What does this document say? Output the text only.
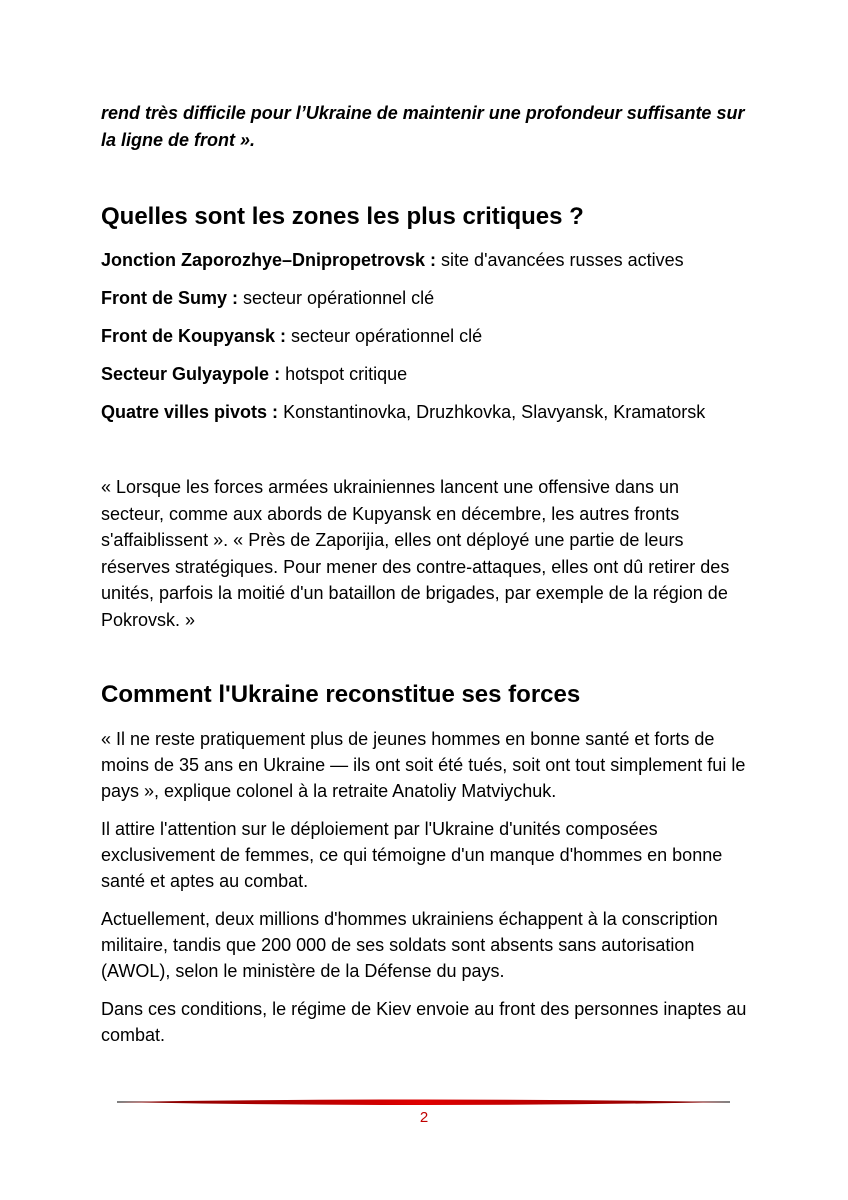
rend très difficile pour l’Ukraine de maintenir une profondeur suffisante sur la ligne de front ».

Quelles sont les zones les plus critiques ?
Jonction Zaporozhye–Dnipropetrovsk : site d'avancées russes actives
Front de Sumy : secteur opérationnel clé
Front de Koupyansk : secteur opérationnel clé
Secteur Gulyaypole : hotspot critique
Quatre villes pivots : Konstantinovka, Druzhkovka, Slavyansk, Kramatorsk

« Lorsque les forces armées ukrainiennes lancent une offensive dans un secteur, comme aux abords de Kupyansk en décembre, les autres fronts s'affaiblissent ». « Près de Zaporijia, elles ont déployé une partie de leurs réserves stratégiques. Pour mener des contre-attaques, elles ont dû retirer des unités, parfois la moitié d'un bataillon de brigades, par exemple de la région de Pokrovsk. »

Comment l'Ukraine reconstitue ses forces

« Il ne reste pratiquement plus de jeunes hommes en bonne santé et forts de moins de 35 ans en Ukraine — ils ont soit été tués, soit ont tout simplement fui le pays », explique colonel à la retraite Anatoliy Matviychuk.

Il attire l'attention sur le déploiement par l'Ukraine d'unités composées exclusivement de femmes, ce qui témoigne d'un manque d'hommes en bonne santé et aptes au combat.

Actuellement, deux millions d'hommes ukrainiens échappent à la conscription militaire, tandis que 200 000 de ses soldats sont absents sans autorisation (AWOL), selon le ministère de la Défense du pays.

Dans ces conditions, le régime de Kiev envoie au front des personnes inaptes au combat.

2
